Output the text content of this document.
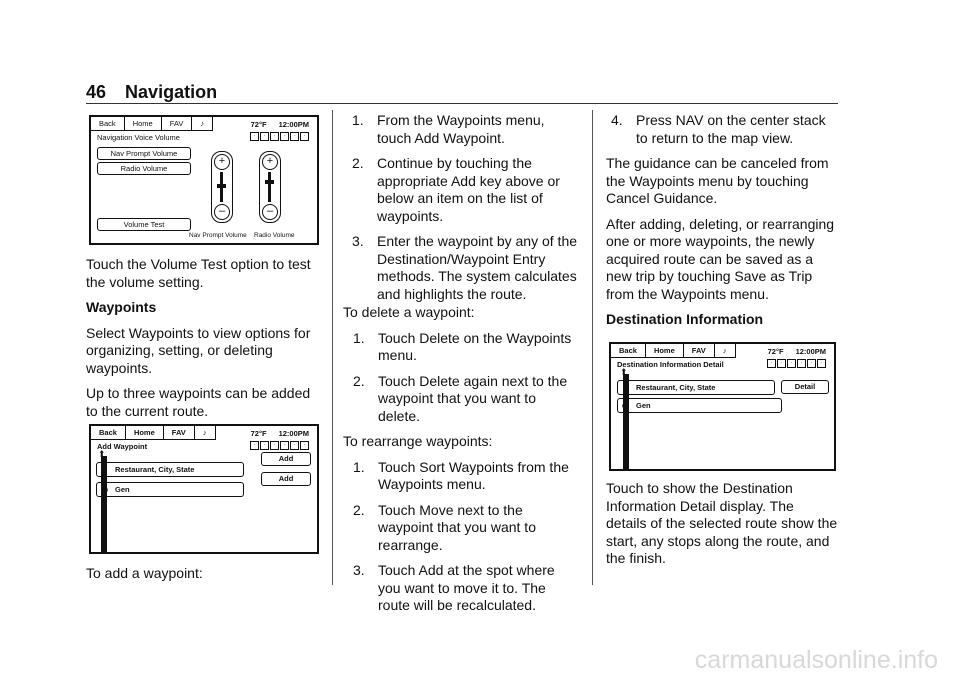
46 Navigation
Back	Home	FAV	♪	72°F 12:00PM
Navigation Voice Volume	·	·	·	·	·	·
Nav Prompt Volume
Radio Volume
Volume Test
+
–
+
–
Nav Prompt Volume Radio Volume

Touch the Volume Test option to test the volume setting.

Waypoints

Select Waypoints to view options for organizing, setting, or deleting waypoints.

Up to three waypoints can be added to the current route.

Back	Home	FAV	♪	72°F 12:00PM
Add Waypoint	·	·	·	·	·	·
⬆
⚑ Restaurant, City, State
◉ Gen
Add
Add

To add a waypoint:

1. From the Waypoints menu, touch Add Waypoint.
2. Continue by touching the appropriate Add key above or below an item on the list of waypoints.
3. Enter the waypoint by any of the Destination/Waypoint Entry methods. The system calculates and highlights the route.

To delete a waypoint:

1. Touch Delete on the Waypoints menu.
2. Touch Delete again next to the waypoint that you want to delete.

To rearrange waypoints:

1. Touch Sort Waypoints from the Waypoints menu.
2. Touch Move next to the waypoint that you want to rearrange.
3. Touch Add at the spot where you want to move it to. The route will be recalculated.
4. Press NAV on the center stack to return to the map view.

The guidance can be canceled from the Waypoints menu by touching Cancel Guidance.

After adding, deleting, or rearranging one or more waypoints, the newly acquired route can be saved as a new trip by touching Save as Trip from the Waypoints menu.

Destination Information

Back	Home	FAV	♪	72°F 12:00PM
Destination Information Detail	·	·	·	·	·	·
⬆
⚑ Restaurant, City, State
◉ Gen
Detail

Touch to show the Destination Information Detail display. The details of the selected route show the start, any stops along the route, and the finish.

carmanualsonline.info
